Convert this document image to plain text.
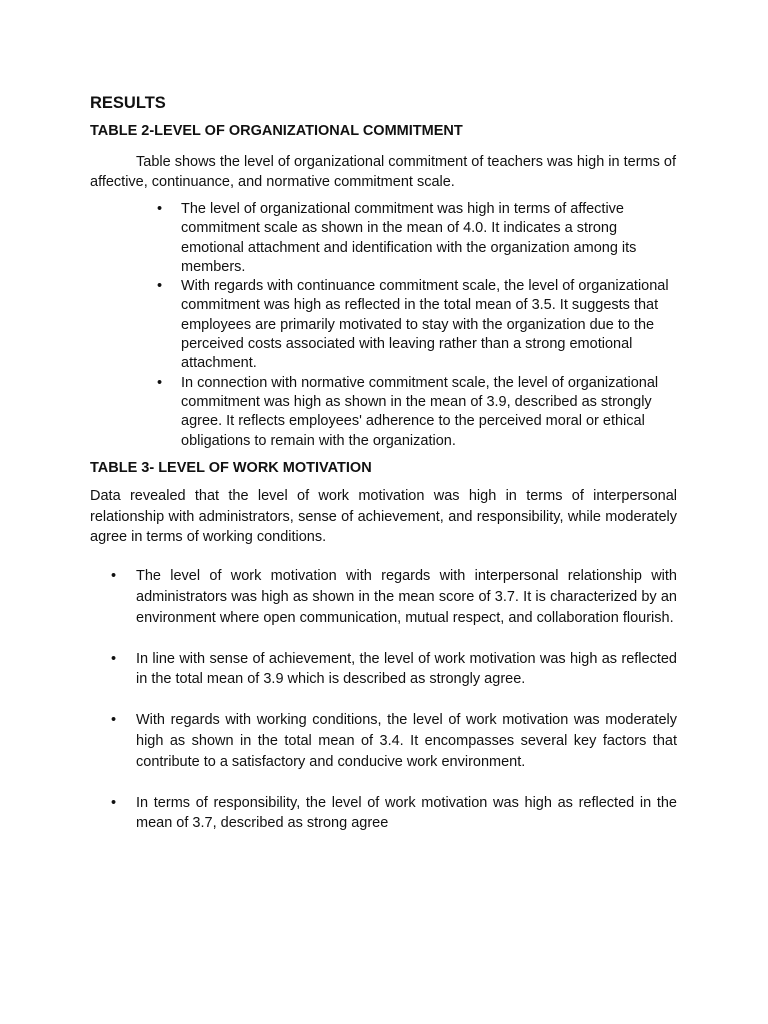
RESULTS
TABLE 2-LEVEL OF ORGANIZATIONAL COMMITMENT

Table shows the level of organizational commitment of teachers was high in terms of affective, continuance, and normative commitment scale.

• The level of organizational commitment was high in terms of affective commitment scale as shown in the mean of 4.0. It indicates a strong emotional attachment and identification with the organization among its members.
• With regards with continuance commitment scale, the level of organizational commitment was high as reflected in the total mean of 3.5. It suggests that employees are primarily motivated to stay with the organization due to the perceived costs associated with leaving rather than a strong emotional attachment.
• In connection with normative commitment scale, the level of organizational commitment was high as shown in the mean of 3.9, described as strongly agree. It reflects employees' adherence to the perceived moral or ethical obligations to remain with the organization.
TABLE 3- LEVEL OF WORK MOTIVATION

Data revealed that the level of work motivation was high in terms of interpersonal relationship with administrators, sense of achievement, and responsibility, while moderately agree in terms of working conditions.

• The level of work motivation with regards with interpersonal relationship with administrators was high as shown in the mean score of 3.7. It is characterized by an environment where open communication, mutual respect, and collaboration flourish.
• In line with sense of achievement, the level of work motivation was high as reflected in the total mean of 3.9 which is described as strongly agree.
• With regards with working conditions, the level of work motivation was moderately high as shown in the total mean of 3.4. It encompasses several key factors that contribute to a satisfactory and conducive work environment.
• In terms of responsibility, the level of work motivation was high as reflected in the mean of 3.7, described as strong agree
